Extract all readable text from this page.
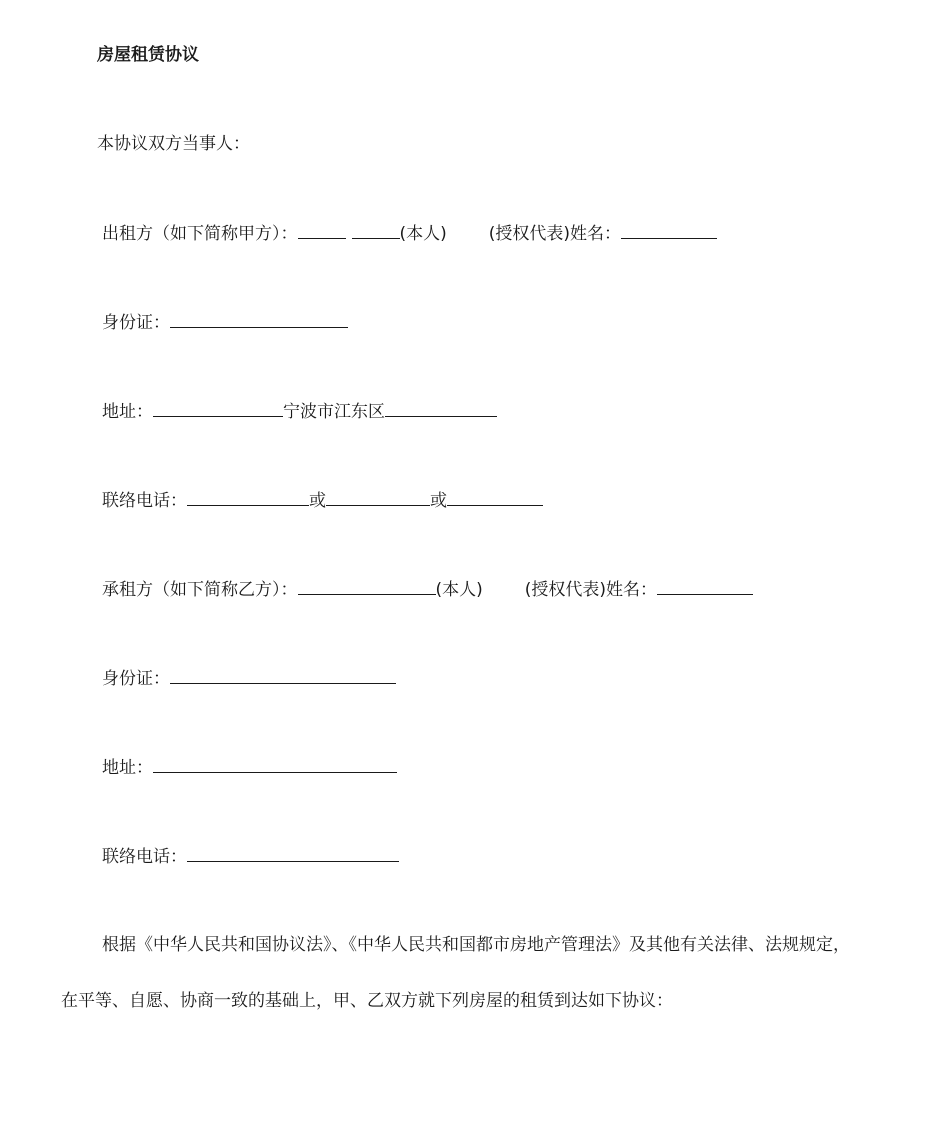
房屋租赁协议
本协议双方当事人：
出租方（如下简称甲方）：	(本人) (授权代表)姓名：
身份证：
地址：	宁波市江东区
联络电话：	或	或
承租方（如下简称乙方）：	(本人) (授权代表)姓名：
身份证：
地址：
联络电话：
根据《中华人民共和国协议法》、《中华人民共和国都市房地产管理法》及其他有关法律、法规规定，
在平等、自愿、协商一致的基础上，甲、乙双方就下列房屋的租赁到达如下协议：
